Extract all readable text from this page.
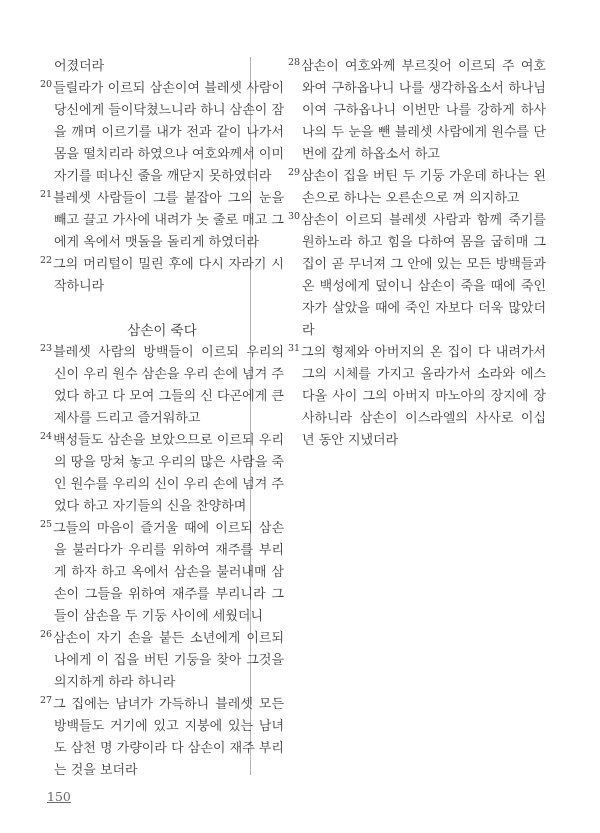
어졌더라

20들릴라가 이르되 삼손이여 블레셋 사람이 당신에게 들이닥쳤느니라 하니 삼손이 잠을 깨며 이르기를 내가 전과 같이 나가서 몸을 떨치리라 하였으나 여호와께서 이미 자기를 떠나신 줄을 깨닫지 못하였더라

21블레셋 사람들이 그를 붙잡아 그의 눈을 빼고 끌고 가사에 내려가 놋 줄로 매고 그에게 옥에서 맷돌을 돌리게 하였더라

22그의 머리털이 밀린 후에 다시 자라기 시작하니라

삼손이 죽다

23블레셋 사람의 방백들이 이르되 우리의 신이 우리 원수 삼손을 우리 손에 넘겨 주었다 하고 다 모여 그들의 신 다곤에게 큰 제사를 드리고 즐거워하고

24백성들도 삼손을 보았으므로 이르되 우리의 땅을 망쳐 놓고 우리의 많은 사람을 죽인 원수를 우리의 신이 우리 손에 넘겨 주었다 하고 자기들의 신을 찬양하며

25그들의 마음이 즐거울 때에 이르되 삼손을 불러다가 우리를 위하여 재주를 부리게 하자 하고 옥에서 삼손을 불러내매 삼손이 그들을 위하여 재주를 부리니라 그들이 삼손을 두 기둥 사이에 세웠더니

26삼손이 자기 손을 붙든 소년에게 이르되 나에게 이 집을 버틴 기둥을 찾아 그것을 의지하게 하라 하니라

27그 집에는 남녀가 가득하니 블레셋 모든 방백들도 거기에 있고 지붕에 있는 남녀도 삼천 명 가량이라 다 삼손이 재주 부리는 것을 보더라

28삼손이 여호와께 부르짖어 이르되 주 여호와여 구하옵나니 나를 생각하옵소서 하나님이여 구하옵나니 이번만 나를 강하게 하사 나의 두 눈을 뺀 블레셋 사람에게 원수를 단번에 갚게 하옵소서 하고

29삼손이 집을 버틴 두 기둥 가운데 하나는 왼손으로 하나는 오른손으로 껴 의지하고

30삼손이 이르되 블레셋 사람과 함께 죽기를 원하노라 하고 힘을 다하여 몸을 굽히매 그 집이 곧 무너져 그 안에 있는 모든 방백들과 온 백성에게 덮이니 삼손이 죽을 때에 죽인 자가 살았을 때에 죽인 자보다 더욱 많았더라

31그의 형제와 아버지의 온 집이 다 내려가서 그의 시체를 가지고 올라가서 소라와 에스다올 사이 그의 아버지 마노아의 장지에 장사하니라 삼손이 이스라엘의 사사로 이십 년 동안 지냈더라

150
